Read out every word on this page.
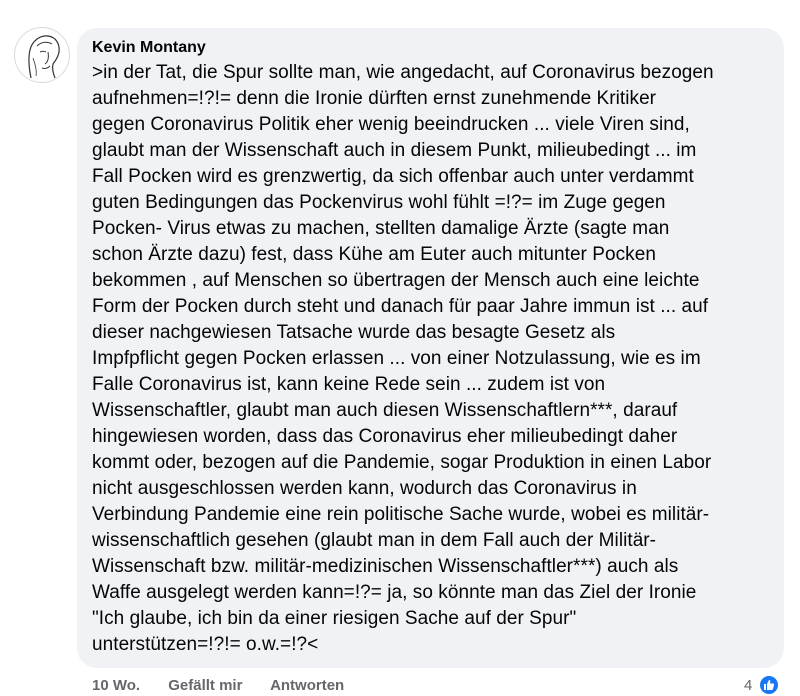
Kevin Montany

>in der Tat, die Spur sollte man, wie angedacht, auf Coronavirus bezogen
aufnehmen=!?!= denn die Ironie dürften ernst zunehmende Kritiker
gegen Coronavirus Politik eher wenig beeindrucken ... viele Viren sind,
glaubt man der Wissenschaft auch in diesem Punkt, milieubedingt ... im
Fall Pocken wird es grenzwertig, da sich offenbar auch unter verdammt
guten Bedingungen das Pockenvirus wohl fühlt =!?= im Zuge gegen
Pocken- Virus etwas zu machen, stellten damalige Ärzte (sagte man
schon Ärzte dazu) fest, dass Kühe am Euter auch mitunter Pocken
bekommen , auf Menschen so übertragen der Mensch auch eine leichte
Form der Pocken durch steht und danach für paar Jahre immun ist ... auf
dieser nachgewiesen Tatsache wurde das besagte Gesetz als
Impfpflicht gegen Pocken erlassen ... von einer Notzulassung, wie es im
Falle Coronavirus ist, kann keine Rede sein ... zudem ist von
Wissenschaftler, glaubt man auch diesen Wissenschaftlern***, darauf
hingewiesen worden, dass das Coronavirus eher milieubedingt daher
kommt oder, bezogen auf die Pandemie, sogar Produktion in einen Labor
nicht ausgeschlossen werden kann, wodurch das Coronavirus in
Verbindung Pandemie eine rein politische Sache wurde, wobei es militär-
wissenschaftlich gesehen (glaubt man in dem Fall auch der Militär-
Wissenschaft bzw. militär-medizinischen Wissenschaftler***) auch als
Waffe ausgelegt werden kann=!?= ja, so könnte man das Ziel der Ironie
"Ich glaube, ich bin da einer riesigen Sache auf der Spur"
unterstützen=!?!= o.w.=!?<

10 Wo. Gefällt mir Antworten	4
